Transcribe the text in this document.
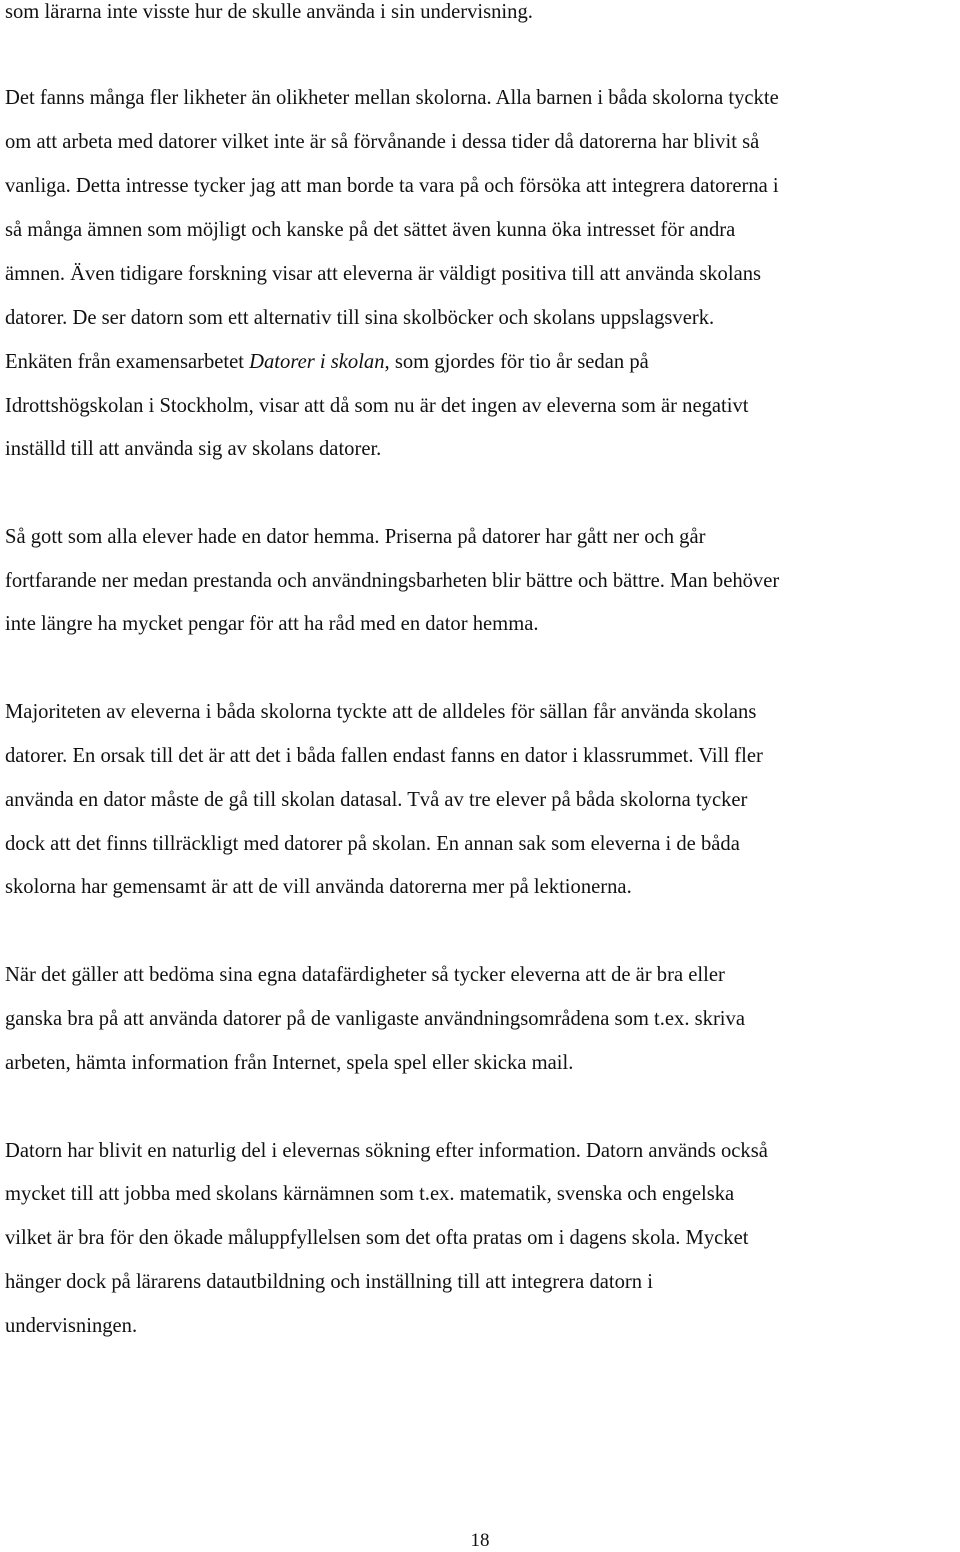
som lärarna inte visste hur de skulle använda i sin undervisning.

Det fanns många fler likheter än olikheter mellan skolorna. Alla barnen i båda skolorna tyckte

om att arbeta med datorer vilket inte är så förvånande i dessa tider då datorerna har blivit så

vanliga. Detta intresse tycker jag att man borde ta vara på och försöka att integrera datorerna i

så många ämnen som möjligt och kanske på det sättet även kunna öka intresset för andra

ämnen. Även tidigare forskning visar att eleverna är väldigt positiva till att använda skolans

datorer. De ser datorn som ett alternativ till sina skolböcker och skolans uppslagsverk.

Enkäten från examensarbetet Datorer i skolan, som gjordes för tio år sedan på

Idrottshögskolan i Stockholm, visar att då som nu är det ingen av eleverna som är negativt

inställd till att använda sig av skolans datorer.

Så gott som alla elever hade en dator hemma. Priserna på datorer har gått ner och går

fortfarande ner medan prestanda och användningsbarheten blir bättre och bättre. Man behöver

inte längre ha mycket pengar för att ha råd med en dator hemma.

Majoriteten av eleverna i båda skolorna tyckte att de alldeles för sällan får använda skolans

datorer. En orsak till det är att det i båda fallen endast fanns en dator i klassrummet. Vill fler

använda en dator måste de gå till skolan datasal. Två av tre elever på båda skolorna tycker

dock att det finns tillräckligt med datorer på skolan. En annan sak som eleverna i de båda

skolorna har gemensamt är att de vill använda datorerna mer på lektionerna.

När det gäller att bedöma sina egna datafärdigheter så tycker eleverna att de är bra eller

ganska bra på att använda datorer på de vanligaste användningsområdena som t.ex. skriva

arbeten, hämta information från Internet, spela spel eller skicka mail.

Datorn har blivit en naturlig del i elevernas sökning efter information. Datorn används också

mycket till att jobba med skolans kärnämnen som t.ex. matematik, svenska och engelska

vilket är bra för den ökade måluppfyllelsen som det ofta pratas om i dagens skola. Mycket

hänger dock på lärarens datautbildning och inställning till att integrera datorn i

undervisningen.

18
